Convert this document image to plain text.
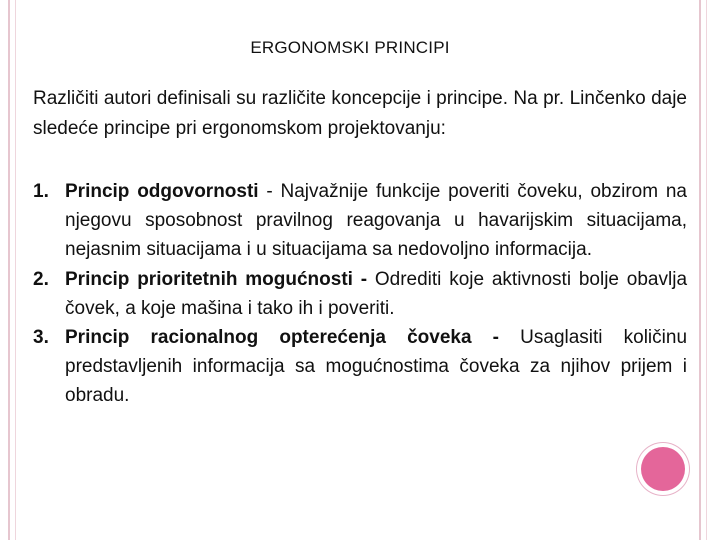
ERGONOMSKI PRINCIPI
Različiti autori definisali su različite koncepcije i principe. Na pr. Linčenko daje sledeće principe pri ergonomskom projektovanju:
1. Princip odgovornosti - Najvažnije funkcije poveriti čoveku, obzirom na njegovu sposobnost pravilnog reagovanja u havarijskim situacijama, nejasnim situacijama i u situacijama sa nedovoljno informacija.
2. Princip prioritetnih mogućnosti - Odrediti koje aktivnosti bolje obavlja čovek, a koje mašina i tako ih i poveriti.
3. Princip racionalnog opterećenja čoveka - Usaglasiti količinu predstavljenih informacija sa mogućnostima čoveka za njihov prijem i obradu.
